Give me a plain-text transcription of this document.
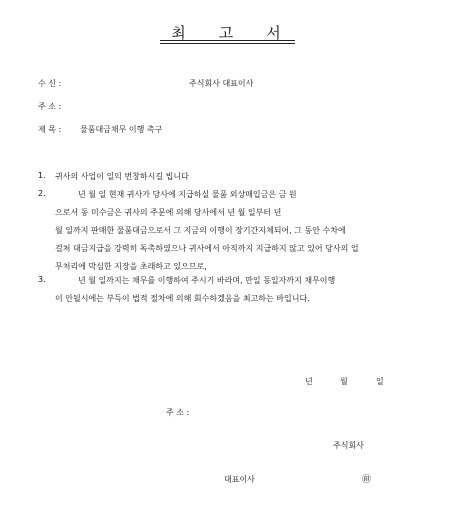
최 고 서
수 신 :	주식회사 대표이사
주 소 :
제 목 : 물품대금채무 이행 촉구
1. 귀사의 사업이 일익 번창하시길 빕니다
2.	년 월 일 현재 귀사가 당사에 지급하실 물품 외상매입금은 금 원
으로서 동 미수금은 귀사의 주문에 의해 당사에서 년 월 일부터 년
월 일까지 판매한 물품대금으로서 그 지금의 이행이 장기간지체되어, 그 동안 수차에
걸쳐 대금지급을 강력히 독촉하였으나 귀사에서 아직까지 지급하지 않고 있어 당사의 업
무처리에 막심한 지장을 초래하고 있으므로,
3.	년 월 일까지는 채무를 이행하여 주시기 바라며, 만일 동일자까지 채무이행
이 안될시에는 부득이 법적 절차에 의해 회수하겠음을 최고하는 바입니다.
년	월	일
주 소 :
주식회사
대표이사	㊞
